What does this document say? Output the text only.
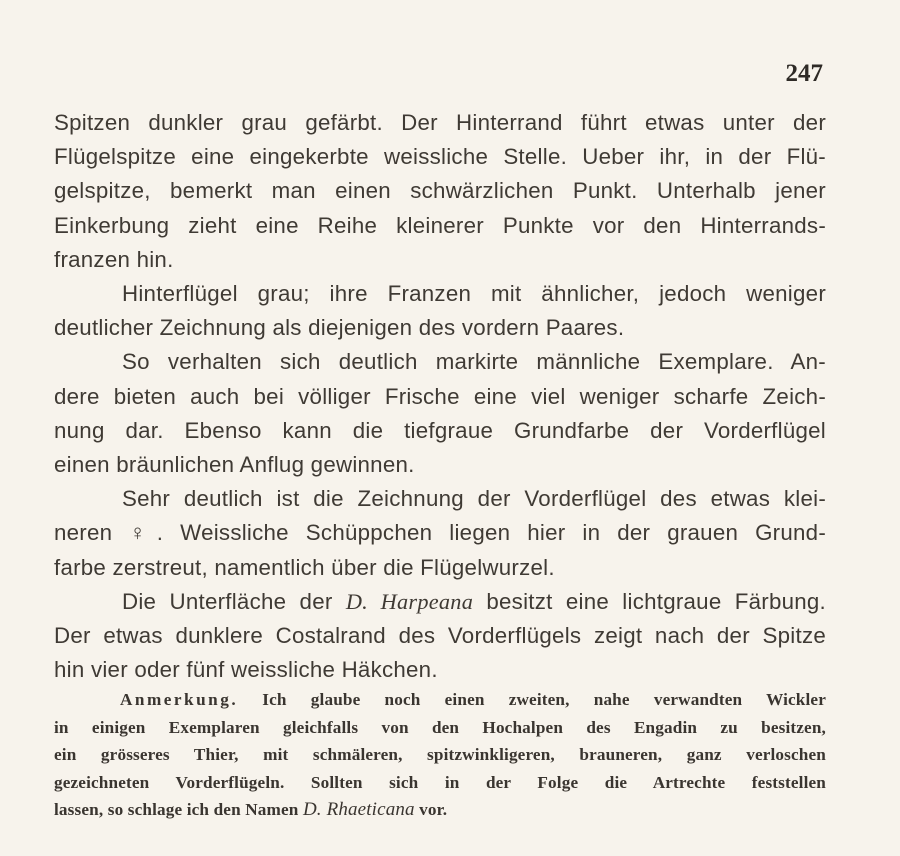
247
Spitzen dunkler grau gefärbt. Der Hinterrand führt etwas unter der
Flügelspitze eine eingekerbte weissliche Stelle. Ueber ihr, in der Flü-
gelspitze, bemerkt man einen schwärzlichen Punkt. Unterhalb jener
Einkerbung zieht eine Reihe kleinerer Punkte vor den Hinterrands-
franzen hin.
Hinterflügel grau; ihre Franzen mit ähnlicher, jedoch weniger
deutlicher Zeichnung als diejenigen des vordern Paares.
So verhalten sich deutlich markirte männliche Exemplare. An-
dere bieten auch bei völliger Frische eine viel weniger scharfe Zeich-
nung dar. Ebenso kann die tiefgraue Grundfarbe der Vorderflügel
einen bräunlichen Anflug gewinnen.
Sehr deutlich ist die Zeichnung der Vorderflügel des etwas klei-
neren ♀. Weissliche Schüppchen liegen hier in der grauen Grund-
farbe zerstreut, namentlich über die Flügelwurzel.
Die Unterfläche der D. Harpeana besitzt eine lichtgraue Färbung.
Der etwas dunklere Costalrand des Vorderflügels zeigt nach der Spitze
hin vier oder fünf weissliche Häkchen.
Anmerkung. Ich glaube noch einen zweiten, nahe verwandten Wickler
in einigen Exemplaren gleichfalls von den Hochalpen des Engadin zu besitzen,
ein grösseres Thier, mit schmäleren, spitzwinkligeren, brauneren, ganz verloschen
gezeichneten Vorderflügeln. Sollten sich in der Folge die Artrechte feststellen
lassen, so schlage ich den Namen D. Rhaeticana vor.
